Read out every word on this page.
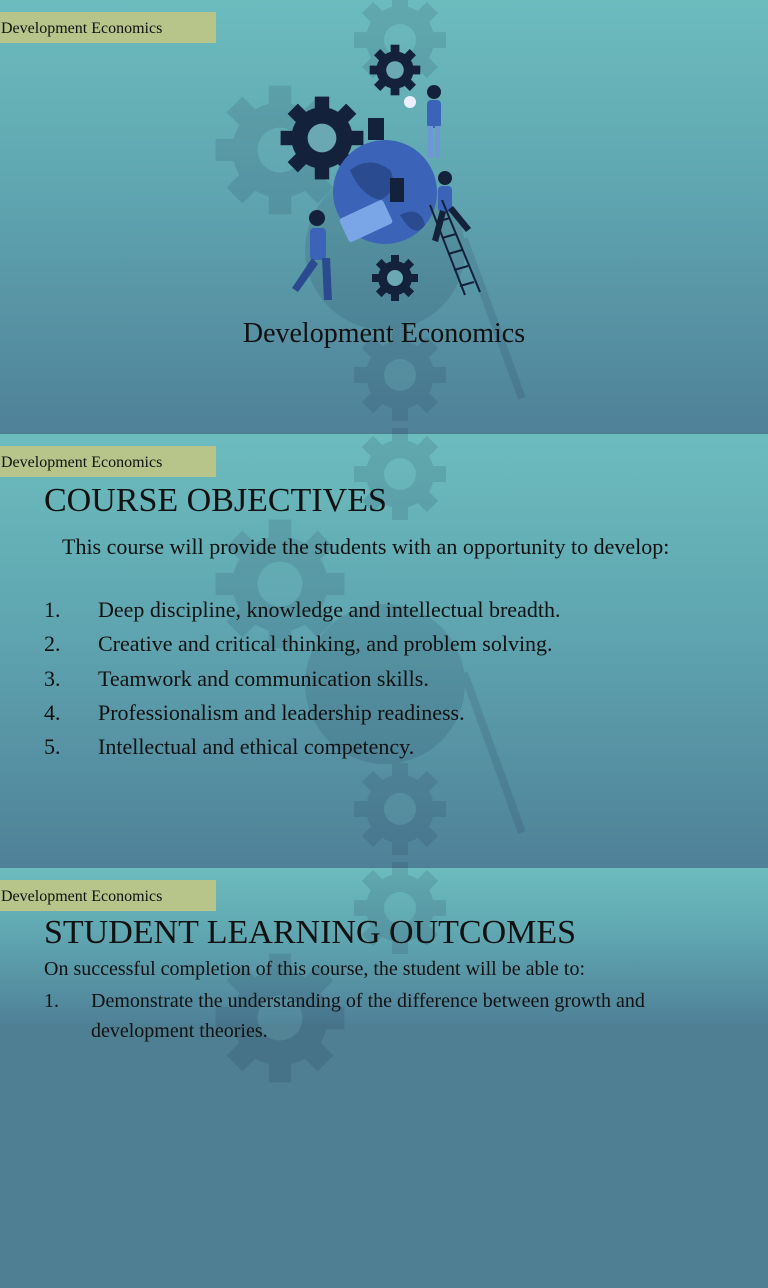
Development Economics
Development Economics
Development Economics
COURSE OBJECTIVES
This course will provide the students with an opportunity to develop:
1. Deep discipline, knowledge and intellectual breadth.
2. Creative and critical thinking, and problem solving.
3. Teamwork and communication skills.
4. Professionalism and leadership readiness.
5. Intellectual and ethical competency.
Development Economics
STUDENT LEARNING OUTCOMES
On successful completion of this course, the student will be able to:
1. Demonstrate the understanding of the difference between growth and
development theories.
